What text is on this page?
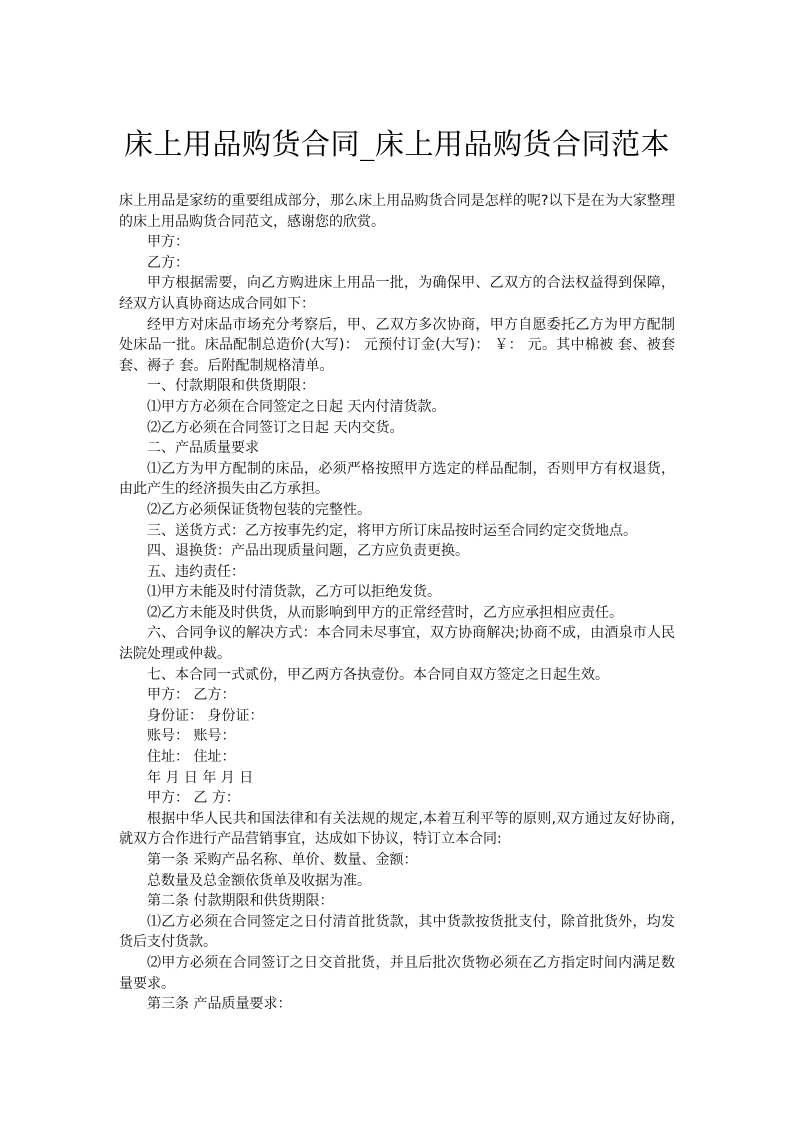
床上用品购货合同_床上用品购货合同范本

床上用品是家纺的重要组成部分，那么床上用品购货合同是怎样的呢?以下是在为大家整理的床上用品购货合同范文，感谢您的欣赏。

甲方：

乙方：

甲方根据需要，向乙方购进床上用品一批，为确保甲、乙双方的合法权益得到保障，经双方认真协商达成合同如下：

经甲方对床品市场充分考察后，甲、乙双方多次协商，甲方自愿委托乙方为甲方配制处床品一批。床品配制总造价(大写)： 元预付订金(大写)： ￥： 元。其中棉被 套、被套套、褥子 套。后附配制规格清单。

一、付款期限和供货期限：

⑴甲方方必须在合同签定之日起 天内付清货款。

⑵乙方必须在合同签订之日起 天内交货。

二、产品质量要求

⑴乙方为甲方配制的床品，必须严格按照甲方选定的样品配制，否则甲方有权退货，由此产生的经济损失由乙方承担。

⑵乙方必须保证货物包装的完整性。

三、送货方式：乙方按事先约定，将甲方所订床品按时运至合同约定交货地点。

四、退换货：产品出现质量问题，乙方应负责更换。

五、违约责任：

⑴甲方未能及时付清货款，乙方可以拒绝发货。

⑵乙方未能及时供货，从而影响到甲方的正常经营时，乙方应承担相应责任。

六、合同争议的解决方式：本合同未尽事宜，双方协商解决;协商不成，由酒泉市人民法院处理或仲裁。

七、本合同一式贰份，甲乙两方各执壹份。本合同自双方签定之日起生效。

甲方： 乙方：

身份证： 身份证：

账号： 账号：

住址： 住址：

年 月 日 年 月 日

甲方： 乙 方：

根据中华人民共和国法律和有关法规的规定,本着互利平等的原则,双方通过友好协商,就双方合作进行产品营销事宜，达成如下协议，特订立本合同:

第一条 采购产品名称、单价、数量、金额：

总数量及总金额依货单及收据为准。

第二条 付款期限和供货期限：

⑴乙方必须在合同签定之日付清首批货款，其中货款按货批支付，除首批货外，均发货后支付货款。

⑵甲方必须在合同签订之日交首批货，并且后批次货物必须在乙方指定时间内满足数量要求。

第三条 产品质量要求：
